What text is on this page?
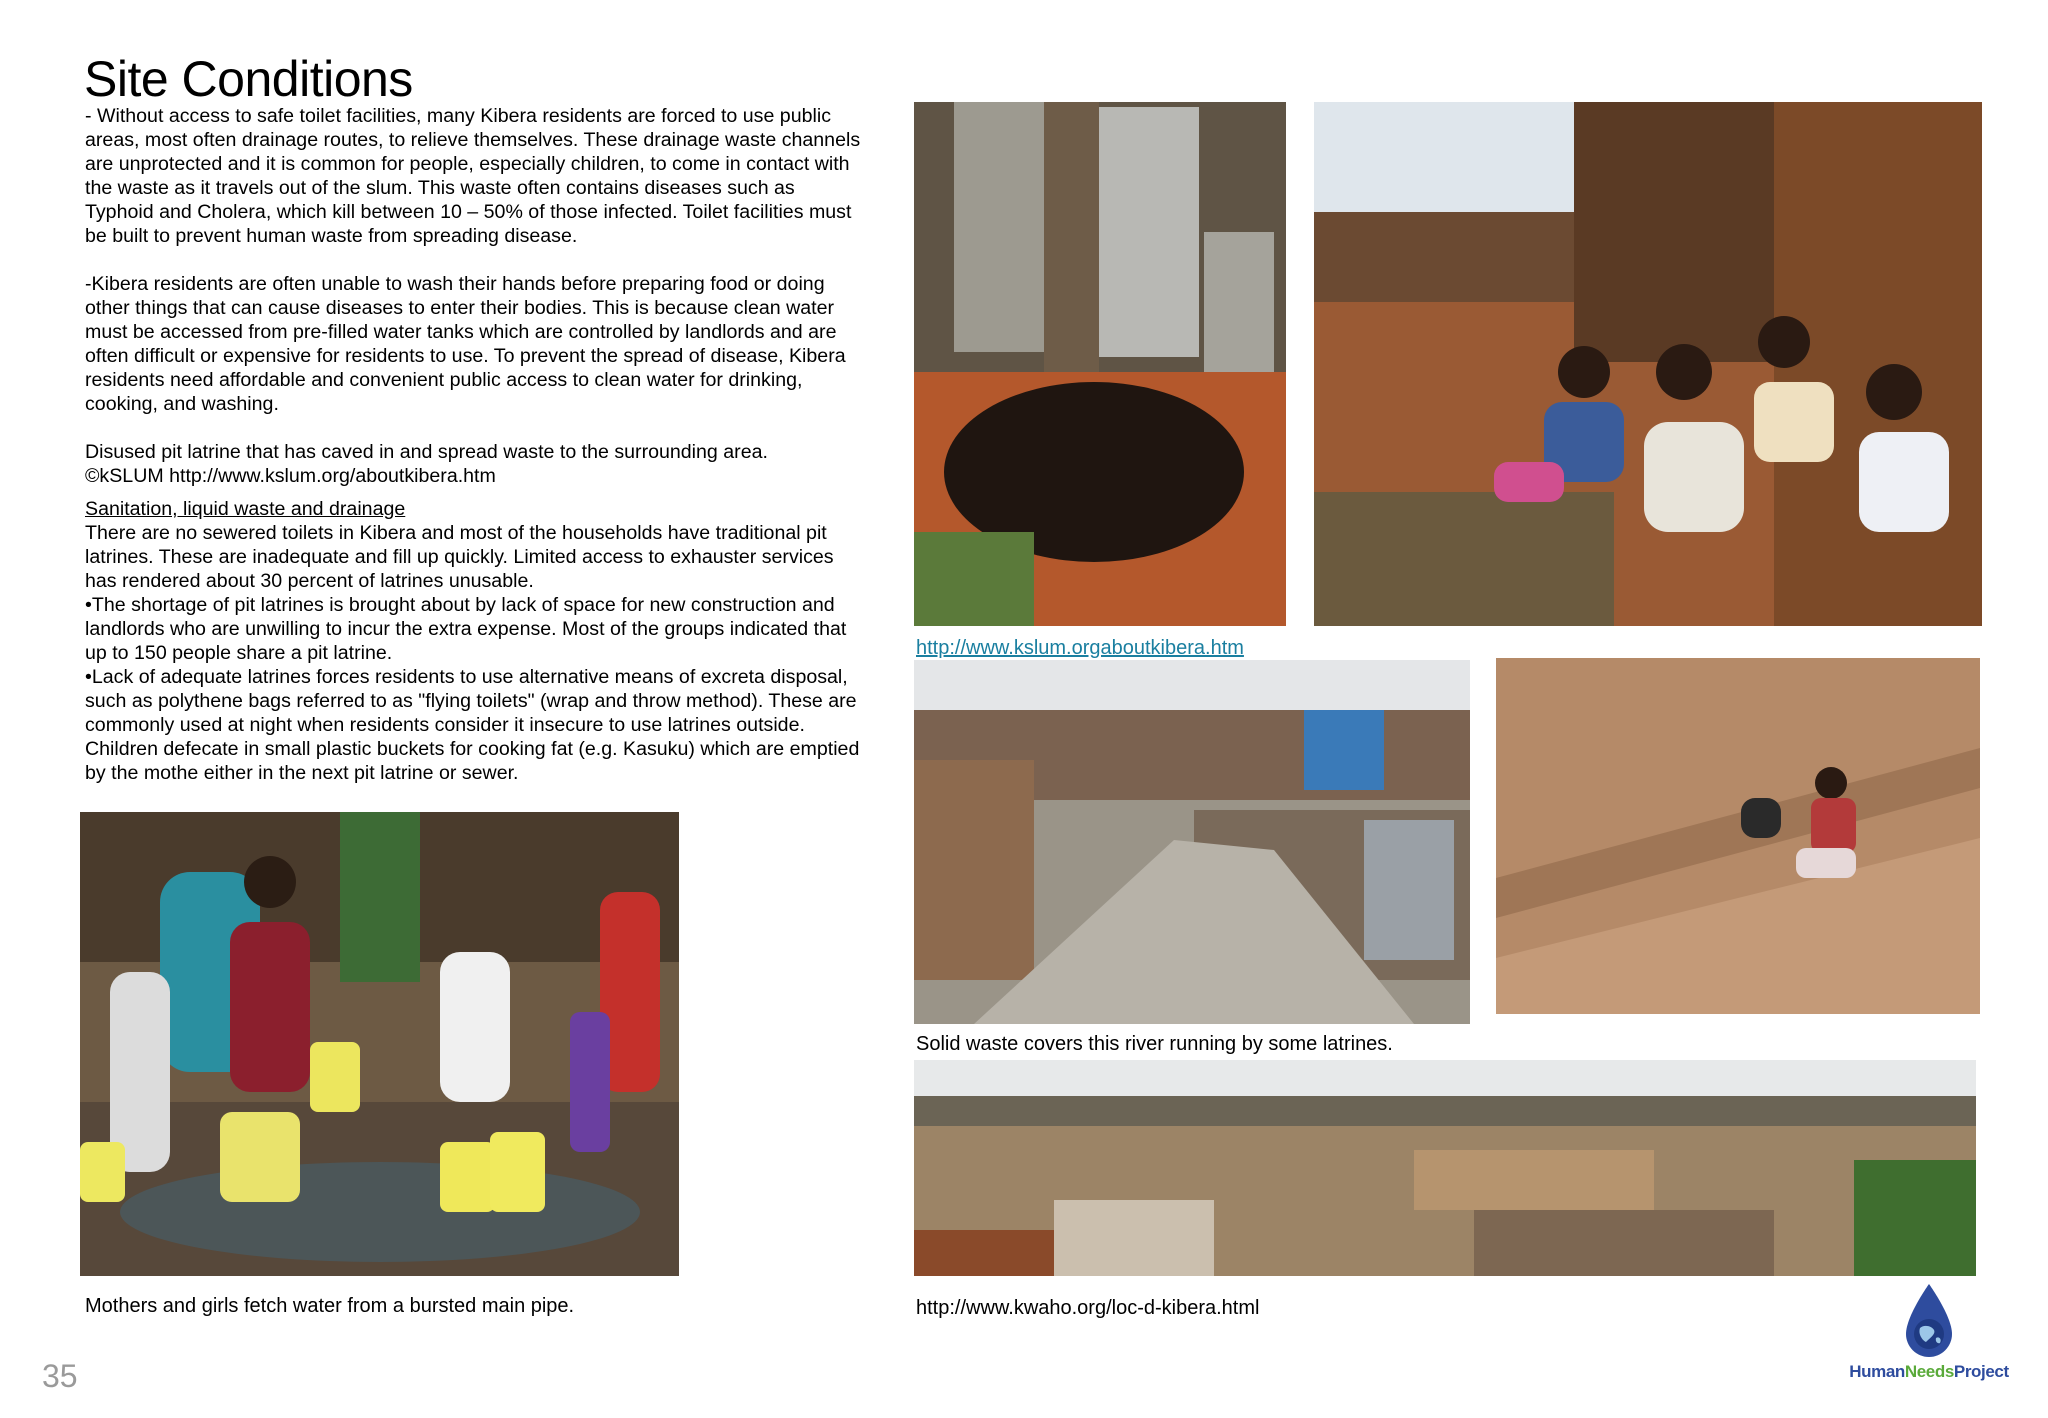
Site Conditions

- Without access to safe toilet facilities, many Kibera residents are forced to use public areas, most often drainage routes, to relieve themselves. These drainage waste channels are unprotected and it is common for people, especially children, to come in contact with the waste as it travels out of the slum. This waste often contains diseases such as Typhoid and Cholera, which kill between 10 – 50% of those infected. Toilet facilities must be built to prevent human waste from spreading disease.

-Kibera residents are often unable to wash their hands before preparing food or doing other things that can cause diseases to enter their bodies. This is because clean water must be accessed from pre-filled water tanks which are controlled by landlords and are often difficult or expensive for residents to use. To prevent the spread of disease, Kibera residents need affordable and convenient public access to clean water for drinking, cooking, and washing.

Disused pit latrine that has caved in and spread waste to the surrounding area.
©kSLUM http://www.kslum.org/aboutkibera.htm

Sanitation, liquid waste and drainage

There are no sewered toilets in Kibera and most of the households have traditional pit latrines. These are inadequate and fill up quickly. Limited access to exhauster services has rendered about 30 percent of latrines unusable.

•The shortage of pit latrines is brought about by lack of space for new construction and landlords who are unwilling to incur the extra expense. Most of the groups indicated that up to 150 people share a pit latrine.

•Lack of adequate latrines forces residents to use alternative means of excreta disposal, such as polythene bags referred to as "flying toilets" (wrap and throw method). These are commonly used at night when residents consider it insecure to use latrines outside. Children defecate in small plastic buckets for cooking fat (e.g. Kasuku) which are emptied by the mothe either in the next pit latrine or sewer.

http://www.kslum.orgaboutkibera.htm
Solid waste covers this river running by some latrines.
Mothers and girls fetch water from a bursted main pipe.	http://www.kwaho.org/loc-d-kibera.html
35	HumanNeedsProject
